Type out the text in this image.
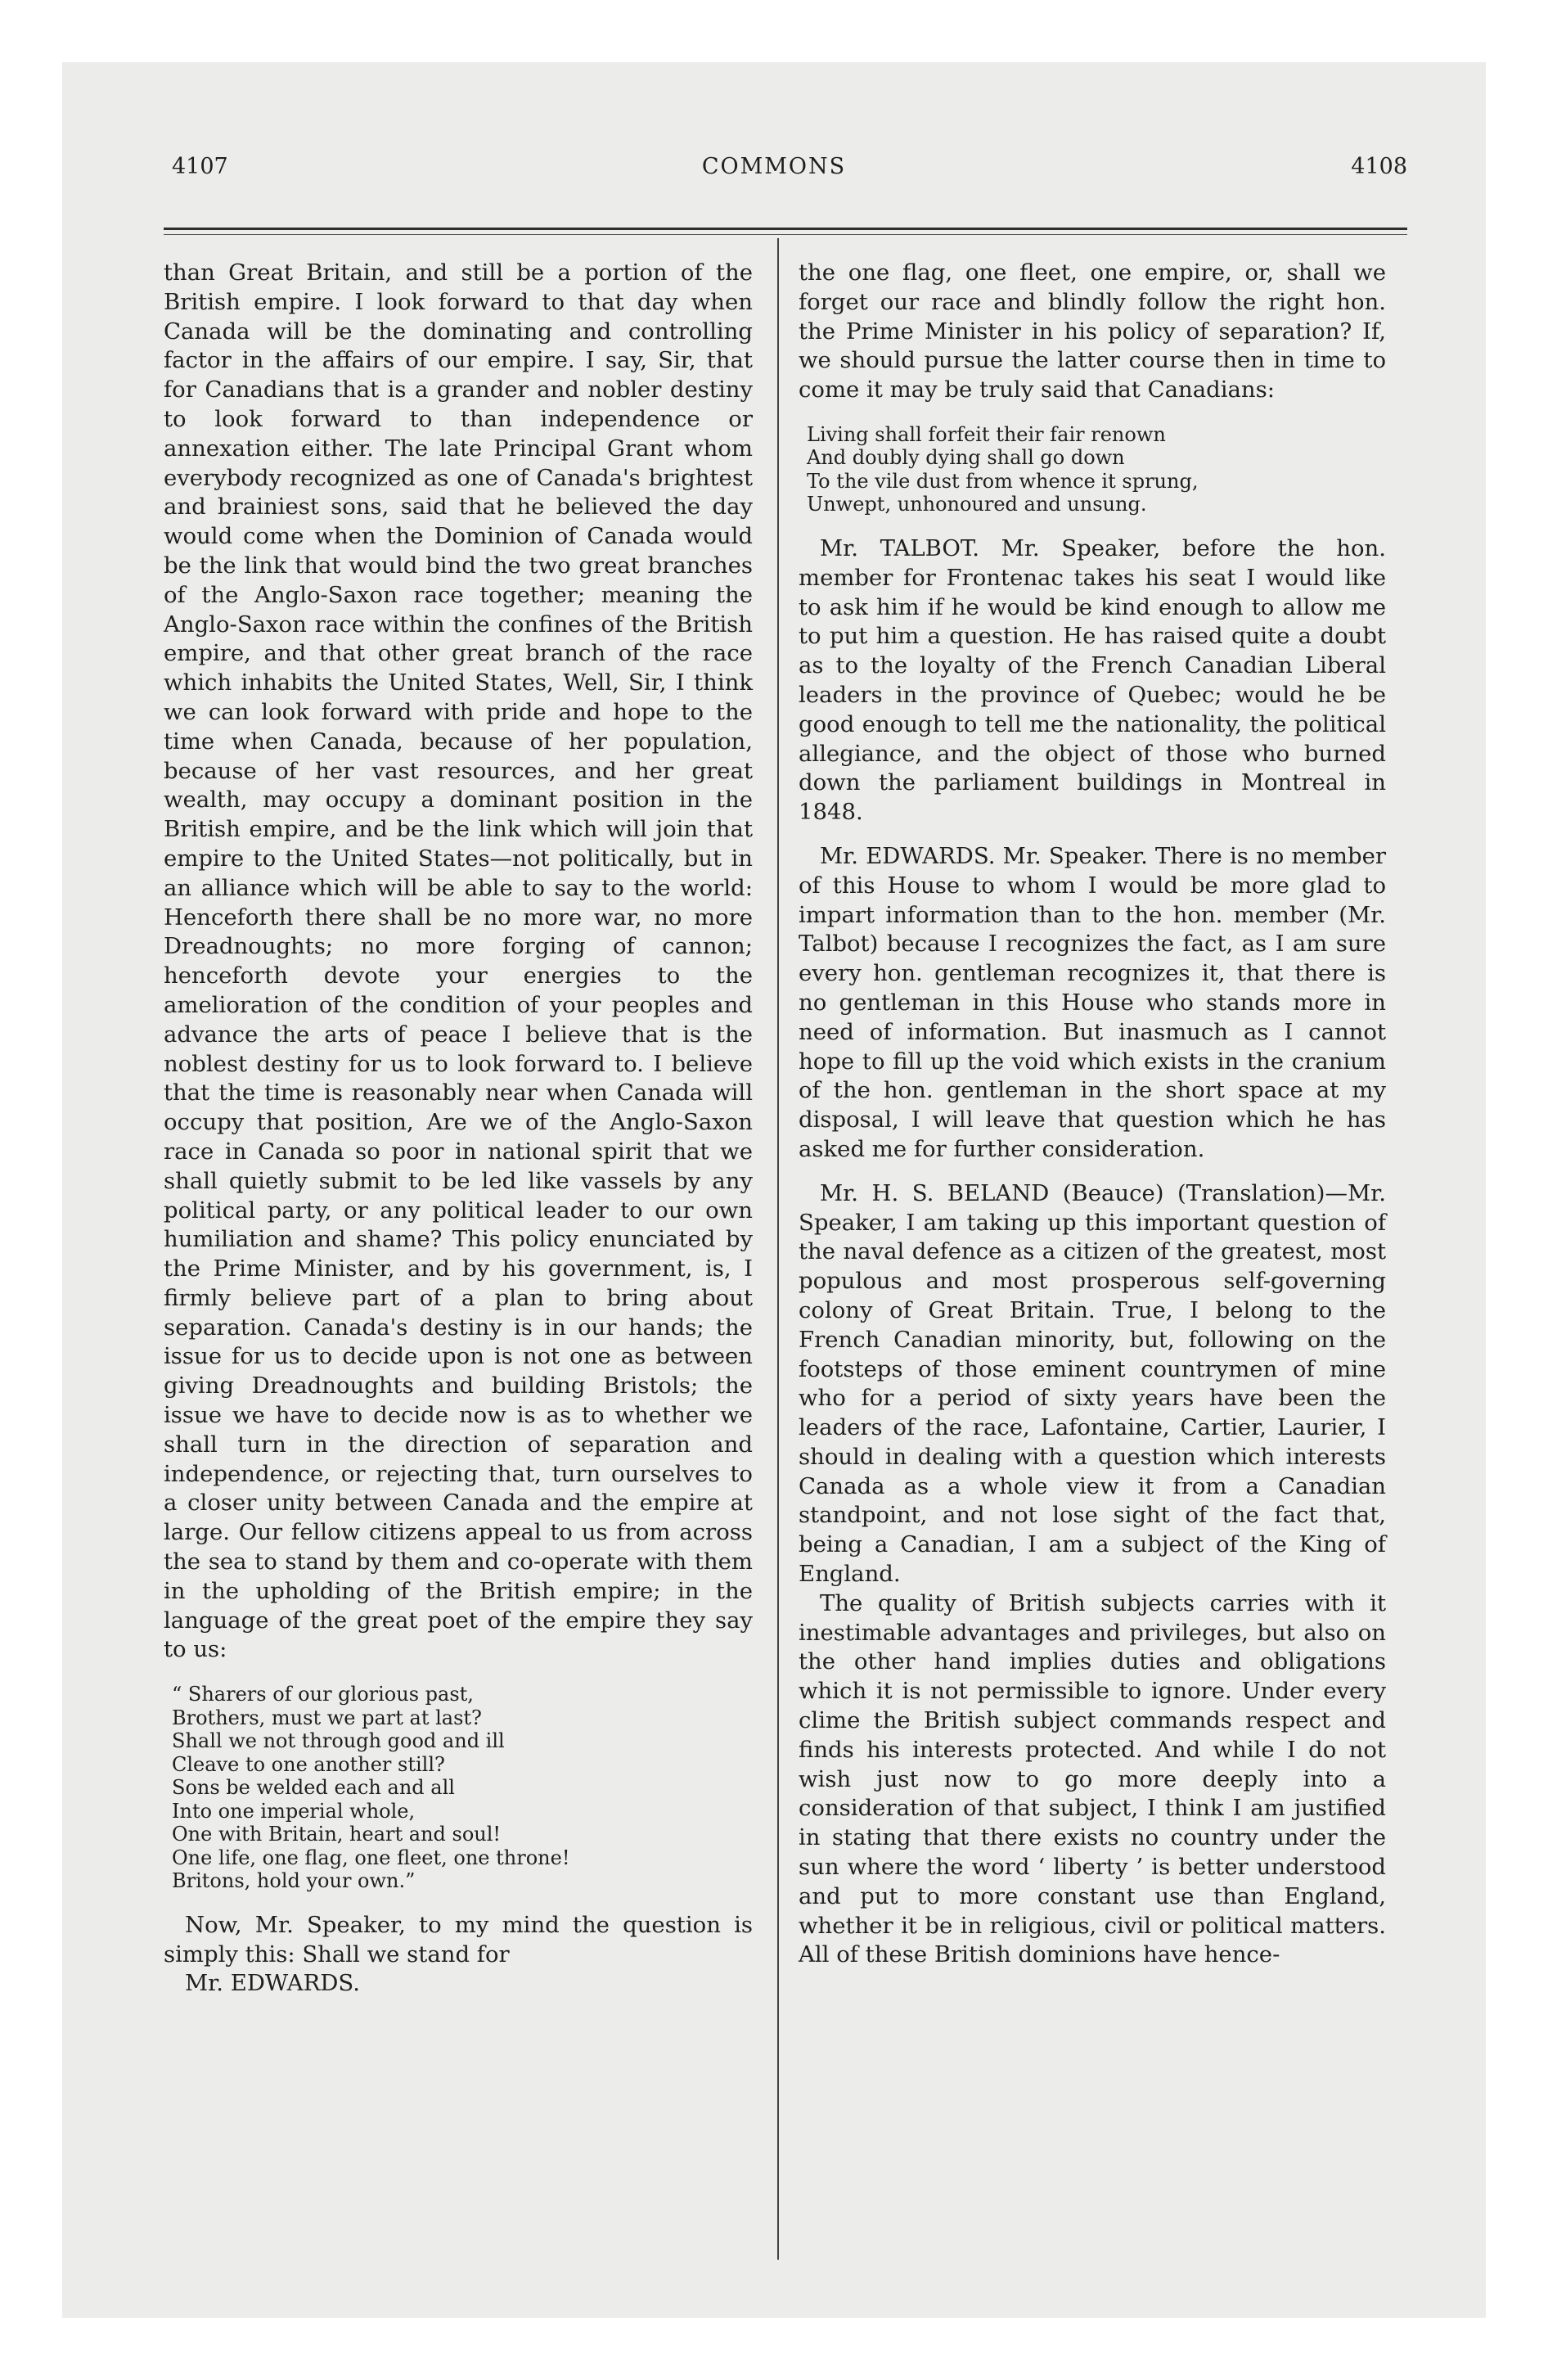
4107	COMMONS	4108

than Great Britain, and still be a portion of the British empire. I look forward to that day when Canada will be the dominating and controlling factor in the affairs of our empire. I say, Sir, that for Canadians that is a grander and nobler destiny to look forward to than independence or annexation either. The late Principal Grant whom everybody recognized as one of Canada's brightest and brainiest sons, said that he believed the day would come when the Dominion of Canada would be the link that would bind the two great branches of the Anglo-Saxon race together; meaning the Anglo-Saxon race within the confines of the British empire, and that other great branch of the race which inhabits the United States, Well, Sir, I think we can look forward with pride and hope to the time when Canada, because of her population, because of her vast resources, and her great wealth, may occupy a dominant position in the British empire, and be the link which will join that empire to the United States—not politically, but in an alliance which will be able to say to the world: Henceforth there shall be no more war, no more Dreadnoughts; no more forging of cannon; henceforth devote your energies to the amelioration of the condition of your peoples and advance the arts of peace I believe that is the noblest destiny for us to look forward to. I believe that the time is reasonably near when Canada will occupy that position, Are we of the Anglo-Saxon race in Canada so poor in national spirit that we shall quietly submit to be led like vassels by any political party, or any political leader to our own humiliation and shame? This policy enunciated by the Prime Minister, and by his government, is, I firmly believe part of a plan to bring about separation. Canada's destiny is in our hands; the issue for us to decide upon is not one as between giving Dreadnoughts and building Bristols; the issue we have to decide now is as to whether we shall turn in the direction of separation and independence, or rejecting that, turn ourselves to a closer unity between Canada and the empire at large. Our fellow citizens appeal to us from across the sea to stand by them and co-operate with them in the upholding of the British empire; in the language of the great poet of the empire they say to us:

“ Sharers of our glorious past,
Brothers, must we part at last?
Shall we not through good and ill
Cleave to one another still?
Sons be welded each and all
Into one imperial whole,
One with Britain, heart and soul!
One life, one flag, one fleet, one throne!
Britons, hold your own.”

Now, Mr. Speaker, to my mind the question is simply this: Shall we stand for

Mr. EDWARDS.

the one flag, one fleet, one empire, or, shall we forget our race and blindly follow the right hon. the Prime Minister in his policy of separation? If, we should pursue the latter course then in time to come it may be truly said that Canadians:

Living shall forfeit their fair renown
And doubly dying shall go down
To the vile dust from whence it sprung,
Unwept, unhonoured and unsung.

Mr. TALBOT. Mr. Speaker, before the hon. member for Frontenac takes his seat I would like to ask him if he would be kind enough to allow me to put him a question. He has raised quite a doubt as to the loyalty of the French Canadian Liberal leaders in the province of Quebec; would he be good enough to tell me the nationality, the political allegiance, and the object of those who burned down the parliament buildings in Montreal in 1848.

Mr. EDWARDS. Mr. Speaker. There is no member of this House to whom I would be more glad to impart information than to the hon. member (Mr. Talbot) because I recognizes the fact, as I am sure every hon. gentleman recognizes it, that there is no gentleman in this House who stands more in need of information. But inasmuch as I cannot hope to fill up the void which exists in the cranium of the hon. gentleman in the short space at my disposal, I will leave that question which he has asked me for further consideration.

Mr. H. S. BELAND (Beauce) (Translation)—Mr. Speaker, I am taking up this important question of the naval defence as a citizen of the greatest, most populous and most prosperous self-governing colony of Great Britain. True, I belong to the French Canadian minority, but, following on the footsteps of those eminent countrymen of mine who for a period of sixty years have been the leaders of the race, Lafontaine, Cartier, Laurier, I should in dealing with a question which interests Canada as a whole view it from a Canadian standpoint, and not lose sight of the fact that, being a Canadian, I am a subject of the King of England.

The quality of British subjects carries with it inestimable advantages and privileges, but also on the other hand implies duties and obligations which it is not permissible to ignore. Under every clime the British subject commands respect and finds his interests protected. And while I do not wish just now to go more deeply into a consideration of that subject, I think I am justified in stating that there exists no country under the sun where the word ‘ liberty ’ is better understood and put to more constant use than England, whether it be in religious, civil or political matters. All of these British dominions have hence-
